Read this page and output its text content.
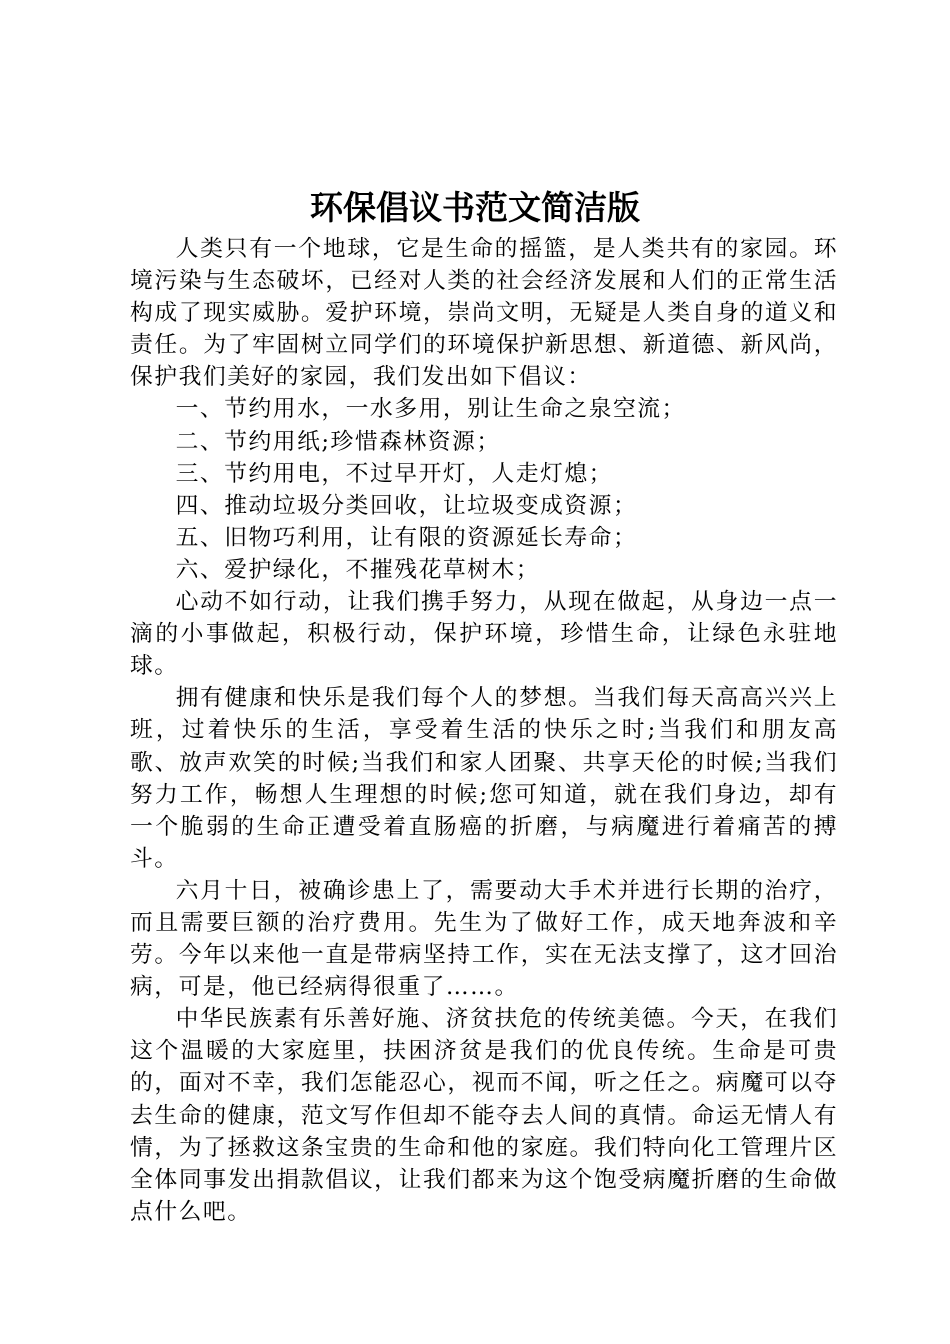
环保倡议书范文简洁版

人类只有一个地球，它是生命的摇篮，是人类共有的家园。环境污染与生态破坏，已经对人类的社会经济发展和人们的正常生活构成了现实威胁。爱护环境，崇尚文明，无疑是人类自身的道义和责任。为了牢固树立同学们的环境保护新思想、新道德、新风尚，保护我们美好的家园，我们发出如下倡议：

一、节约用水，一水多用，别让生命之泉空流；

二、节约用纸;珍惜森林资源；

三、节约用电，不过早开灯，人走灯熄；

四、推动垃圾分类回收，让垃圾变成资源；

五、旧物巧利用，让有限的资源延长寿命；

六、爱护绿化，不摧残花草树木；

心动不如行动，让我们携手努力，从现在做起，从身边一点一滴的小事做起，积极行动，保护环境，珍惜生命，让绿色永驻地球。

拥有健康和快乐是我们每个人的梦想。当我们每天高高兴兴上班，过着快乐的生活，享受着生活的快乐之时;当我们和朋友高歌、放声欢笑的时候;当我们和家人团聚、共享天伦的时候;当我们努力工作，畅想人生理想的时候;您可知道，就在我们身边，却有一个脆弱的生命正遭受着直肠癌的折磨，与病魔进行着痛苦的搏斗。

六月十日，被确诊患上了，需要动大手术并进行长期的治疗，而且需要巨额的治疗费用。先生为了做好工作，成天地奔波和辛劳。今年以来他一直是带病坚持工作，实在无法支撑了，这才回治病，可是，他已经病得很重了……。

中华民族素有乐善好施、济贫扶危的传统美德。今天，在我们这个温暖的大家庭里，扶困济贫是我们的优良传统。生命是可贵的，面对不幸，我们怎能忍心，视而不闻，听之任之。病魔可以夺去生命的健康，范文写作但却不能夺去人间的真情。命运无情人有情，为了拯救这条宝贵的生命和他的家庭。我们特向化工管理片区全体同事发出捐款倡议，让我们都来为这个饱受病魔折磨的生命做点什么吧。
